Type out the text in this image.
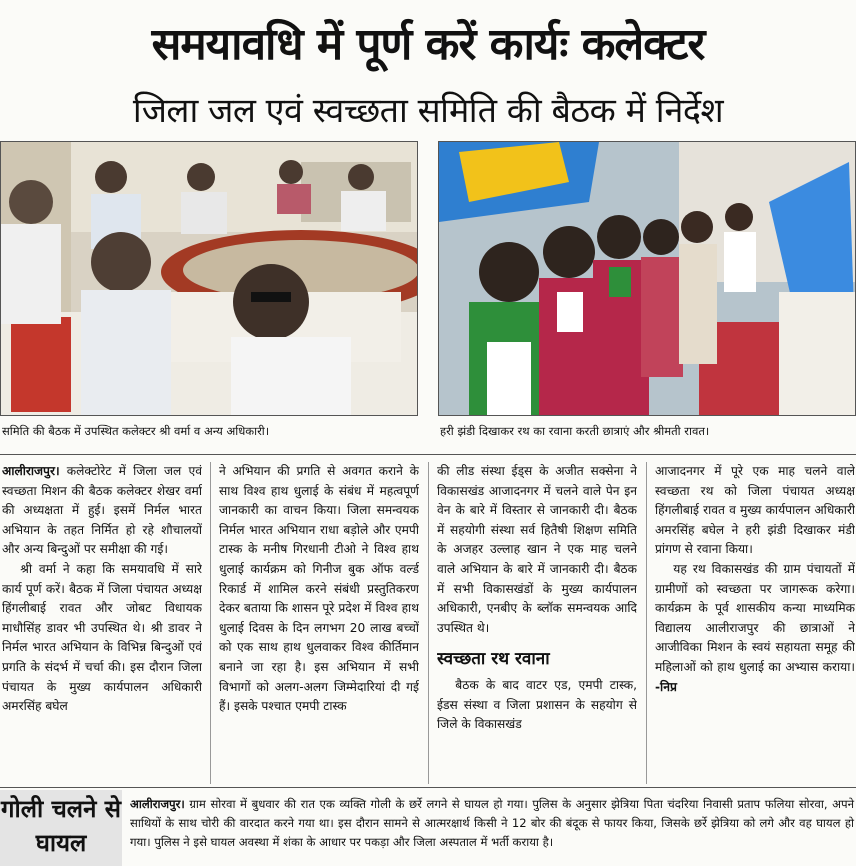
समयावधि में पूर्ण करें कार्यः कलेक्टर
जिला जल एवं स्वच्छता समिति की बैठक में निर्देश
समिति की बैठक में उपस्थित कलेक्टर श्री वर्मा व अन्य अधिकारी।	हरी झंडी दिखाकर रथ का रवाना करती छात्राएं और श्रीमती रावत।

आलीराजपुर। कलेक्टोरेट में जिला जल एवं स्वच्छता मिशन की बैठक कलेक्टर शेखर वर्मा की अध्यक्षता में हुई। इसमें निर्मल भारत अभियान के तहत निर्मित हो रहे शौचालयों और अन्य बिन्दुओं पर समीक्षा की गई।

श्री वर्मा ने कहा कि समयावधि में सारे कार्य पूर्ण करें। बैठक में जिला पंचायत अध्यक्ष हिंगलीबाई रावत और जोबट विधायक माधौसिंह डावर भी उपस्थित थे। श्री डावर ने निर्मल भारत अभियान के विभिन्न बिन्दुओं एवं प्रगति के संदर्भ में चर्चा की। इस दौरान जिला पंचायत के मुख्य कार्यपालन अधिकारी अमरसिंह बघेल

ने अभियान की प्रगति से अवगत कराने के साथ विश्व हाथ धुलाई के संबंध में महत्वपूर्ण जानकारी का वाचन किया। जिला समन्वयक निर्मल भारत अभियान राधा बड़ोले और एमपी टास्क के मनीष गिरधानी टीओ ने विश्व हाथ धुलाई कार्यक्रम को गिनीज बुक ऑफ वर्ल्ड रिकार्ड में शामिल करने संबंधी प्रस्तुतिकरण देकर बताया कि शासन पूरे प्रदेश में विश्व हाथ धुलाई दिवस के दिन लगभग 20 लाख बच्चों को एक साथ हाथ धुलवाकर विश्व कीर्तिमान बनाने जा रहा है। इस अभियान में सभी विभागों को अलग-अलग जिम्मेदारियां दी गई हैं। इसके पश्चात एमपी टास्क

की लीड संस्था ईड्स के अजीत सक्सेना ने विकासखंड आजादनगर में चलने वाले पेन इन वेन के बारे में विस्तार से जानकारी दी। बैठक में सहयोगी संस्था सर्व हितैषी शिक्षण समिति के अजहर उल्लाह खान ने एक माह चलने वाले अभियान के बारे में जानकारी दी। बैठक में सभी विकासखंडों के मुख्य कार्यपालन अधिकारी, एनबीए के ब्लॉक समन्वयक आदि उपस्थित थे।

स्वच्छता रथ रवाना

बैठक के बाद वाटर एड, एमपी टास्क, ईडस संस्था व जिला प्रशासन के सहयोग से जिले के विकासखंड

आजादनगर में पूरे एक माह चलने वाले स्वच्छता रथ को जिला पंचायत अध्यक्ष हिंगलीबाई रावत व मुख्य कार्यपालन अधिकारी अमरसिंह बघेल ने हरी झंडी दिखाकर मंडी प्रांगण से रवाना किया।

यह रथ विकासखंड की ग्राम पंचायतों में ग्रामीणों को स्वच्छता पर जागरूक करेगा। कार्यक्रम के पूर्व शासकीय कन्या माध्यमिक विद्यालय आलीराजपुर की छात्राओं ने आजीविका मिशन के स्वयं सहायता समूह की महिलाओं को हाथ धुलाई का अभ्यास कराया। -निप्र

गोली चलने से घायल
आलीराजपुर। ग्राम सोरवा में बुधवार की रात एक व्यक्ति गोली के छर्रे लगने से घायल हो गया। पुलिस के अनुसार झेत्रिया पिता चंदरिया निवासी प्रताप फलिया सोरवा, अपने साथियों के साथ चोरी की वारदात करने गया था। इस दौरान सामने से आत्मरक्षार्थ किसी ने 12 बोर की बंदूक से फायर किया, जिसके छर्रे झेत्रिया को लगे और वह घायल हो गया। पुलिस ने इसे घायल अवस्था में शंका के आधार पर पकड़ा और जिला अस्पताल में भर्ती कराया है।
